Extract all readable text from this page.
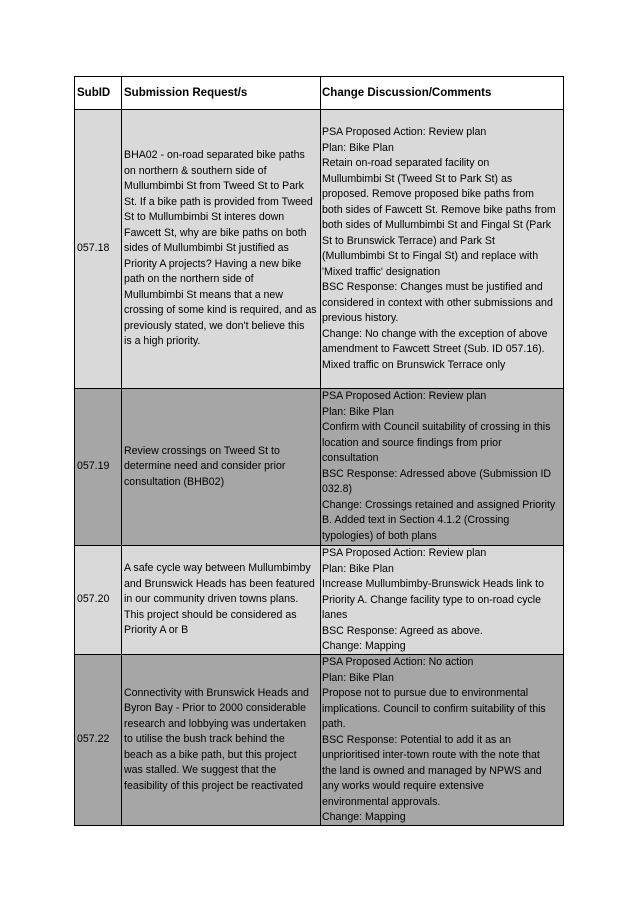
SubID	Submission Request/s	Change Discussion/Comments
057.18
BHA02 - on-road separated bike paths
on northern & southern side of
Mullumbimbi St from Tweed St to Park
St. If a bike path is provided from Tweed
St to Mullumbimbi St interes down
Fawcett St, why are bike paths on both
sides of Mullumbimbi St justified as
Priority A projects? Having a new bike
path on the northern side of
Mullumbimbi St means that a new
crossing of some kind is required, and as
previously stated, we don't believe this
is a high priority.
PSA Proposed Action: Review plan
Plan: Bike Plan
Retain on-road separated facility on
Mullumbimbi St (Tweed St to Park St) as
proposed. Remove proposed bike paths from
both sides of Fawcett St. Remove bike paths from
both sides of Mullumbimbi St and Fingal St (Park
St to Brunswick Terrace) and Park St
(Mullumbimbi St to Fingal St) and replace with
'Mixed traffic' designation
BSC Response: Changes must be justified and
considered in context with other submissions and
previous history.
Change: No change with the exception of above
amendment to Fawcett Street (Sub. ID 057.16).
Mixed traffic on Brunswick Terrace only
057.19
Review crossings on Tweed St to
determine need and consider prior
consultation (BHB02)
PSA Proposed Action: Review plan
Plan: Bike Plan
Confirm with Council suitability of crossing in this
location and source findings from prior
consultation
BSC Response: Adressed above (Submission ID
032.8)
Change: Crossings retained and assigned Priority
B. Added text in Section 4.1.2 (Crossing
typologies) of both plans
057.20
A safe cycle way between Mullumbimby
and Brunswick Heads has been featured
in our community driven towns plans.
This project should be considered as
Priority A or B
PSA Proposed Action: Review plan
Plan: Bike Plan
Increase Mullumbimby-Brunswick Heads link to
Priority A. Change facility type to on-road cycle
lanes
BSC Response: Agreed as above.
Change: Mapping
057.22
Connectivity with Brunswick Heads and
Byron Bay - Prior to 2000 considerable
research and lobbying was undertaken
to utilise the bush track behind the
beach as a bike path, but this project
was stalled. We suggest that the
feasibility of this project be reactivated
PSA Proposed Action: No action
Plan: Bike Plan
Propose not to pursue due to environmental
implications. Council to confirm suitability of this
path.
BSC Response: Potential to add it as an
unprioritised inter-town route with the note that
the land is owned and managed by NPWS and
any works would require extensive
environmental approvals.
Change: Mapping
